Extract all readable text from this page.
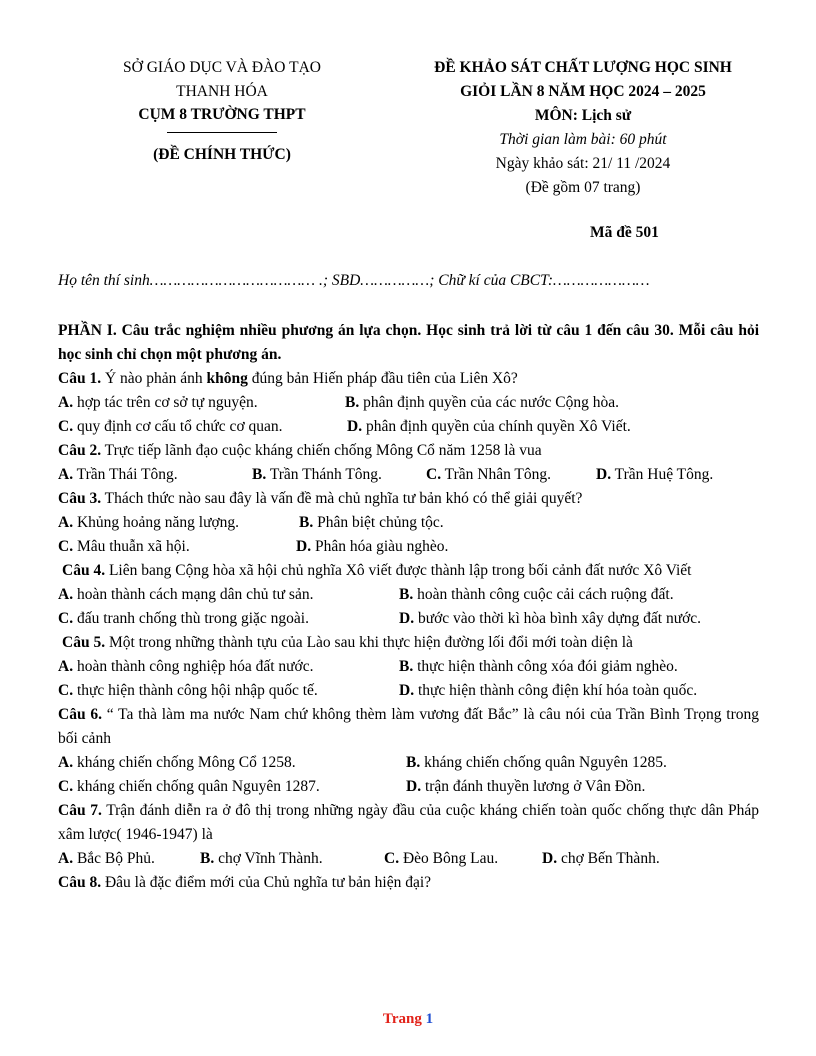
SỞ GIÁO DỤC VÀ ĐÀO TẠO
THANH HÓA
CỤM 8 TRƯỜNG THPT
(ĐỀ CHÍNH THỨC)
ĐỀ KHẢO SÁT CHẤT LƯỢNG HỌC SINH
GIỎI LẦN 8 NĂM HỌC 2024 – 2025
MÔN: Lịch sử
Thời gian làm bài: 60 phút
Ngày khảo sát: 21/ 11 /2024
(Đề gồm 07 trang)
Mã đề 501
Họ tên thí sinh……………………………… .; SBD……………; Chữ kí của CBCT:…………………

PHẦN I. Câu trắc nghiệm nhiều phương án lựa chọn. Học sinh trả lời từ câu 1 đến câu 30. Mỗi câu hỏi học sinh chỉ chọn một phương án.

Câu 1. Ý nào phản ánh không đúng bản Hiến pháp đầu tiên của Liên Xô?

A. hợp tác trên cơ sở tự nguyện.	B. phân định quyền của các nước Cộng hòa.
C. quy định cơ cấu tổ chức cơ quan.	D. phân định quyền của chính quyền Xô Viết.

Câu 2. Trực tiếp lãnh đạo cuộc kháng chiến chống Mông Cổ năm 1258 là vua

A. Trần Thái Tông.	B. Trần Thánh Tông.	C. Trần Nhân Tông.	D. Trần Huệ Tông.

Câu 3. Thách thức nào sau đây là vấn đề mà chủ nghĩa tư bản khó có thể giải quyết?

A. Khủng hoảng năng lượng.	B. Phân biệt chủng tộc.
C. Mâu thuẫn xã hội.	D. Phân hóa giàu nghèo.

Câu 4. Liên bang Cộng hòa xã hội chủ nghĩa Xô viết được thành lập trong bối cảnh đất nước Xô Viết

A. hoàn thành cách mạng dân chủ tư sản.	B. hoàn thành công cuộc cải cách ruộng đất.
C. đấu tranh chống thù trong giặc ngoài.	D. bước vào thời kì hòa bình xây dựng đất nước.

Câu 5. Một trong những thành tựu của Lào sau khi thực hiện đường lối đổi mới toàn diện là

A. hoàn thành công nghiệp hóa đất nước.	B. thực hiện thành công xóa đói giảm nghèo.
C. thực hiện thành công hội nhập quốc tế.	D. thực hiện thành công điện khí hóa toàn quốc.

Câu 6. “ Ta thà làm ma nước Nam chứ không thèm làm vương đất Bắc” là câu nói của Trần Bình Trọng trong bối cảnh

A. kháng chiến chống Mông Cổ 1258.	B. kháng chiến chống quân Nguyên 1285.
C. kháng chiến chống quân Nguyên 1287.	D. trận đánh thuyền lương ở Vân Đồn.

Câu 7. Trận đánh diễn ra ở đô thị trong những ngày đầu của cuộc kháng chiến toàn quốc chống thực dân Pháp xâm lược( 1946-1947) là

A. Bắc Bộ Phủ.	B. chợ Vĩnh Thành.	C. Đèo Bông Lau.	D. chợ Bến Thành.

Câu 8. Đâu là đặc điểm mới của Chủ nghĩa tư bản hiện đại?

Trang 1
